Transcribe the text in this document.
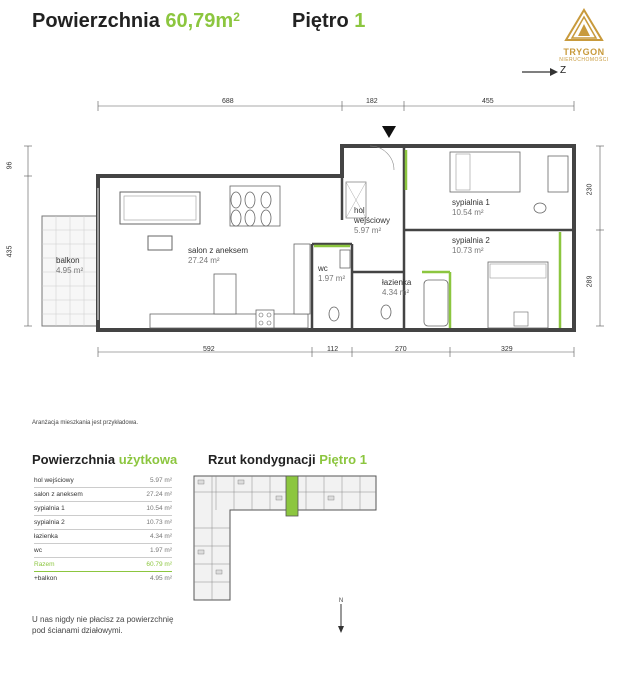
Powierzchnia $60,79m^2$	Piętro 1
TRYGON
NIERUCHOMOŚCI
Z
688	182	455
96
435
230
289
592	112	270	329
salon z aneksem
27.24 m²
balkon
4.95 m²
hol
wejściowy
5.97 m²
wc
1.97 m²	łazienka
4.34 m²
sypialnia 1
10.54 m²
sypialnia 2
10.73 m²
Aranżacja mieszkania jest przykładowa.
Powierzchnia użytkowa
hol wejściowy	5.97 m²
salon z aneksem	27.24 m²
sypialnia 1	10.54 m²
sypialnia 2	10.73 m²
łazienka	4.34 m²
wc	1.97 m²
Razem	60.79 m²
+balkon	4.95 m²
Rzut kondygnacji Piętro 1
N
U nas nigdy nie płacisz za powierzchnię
pod ścianami działowymi.
